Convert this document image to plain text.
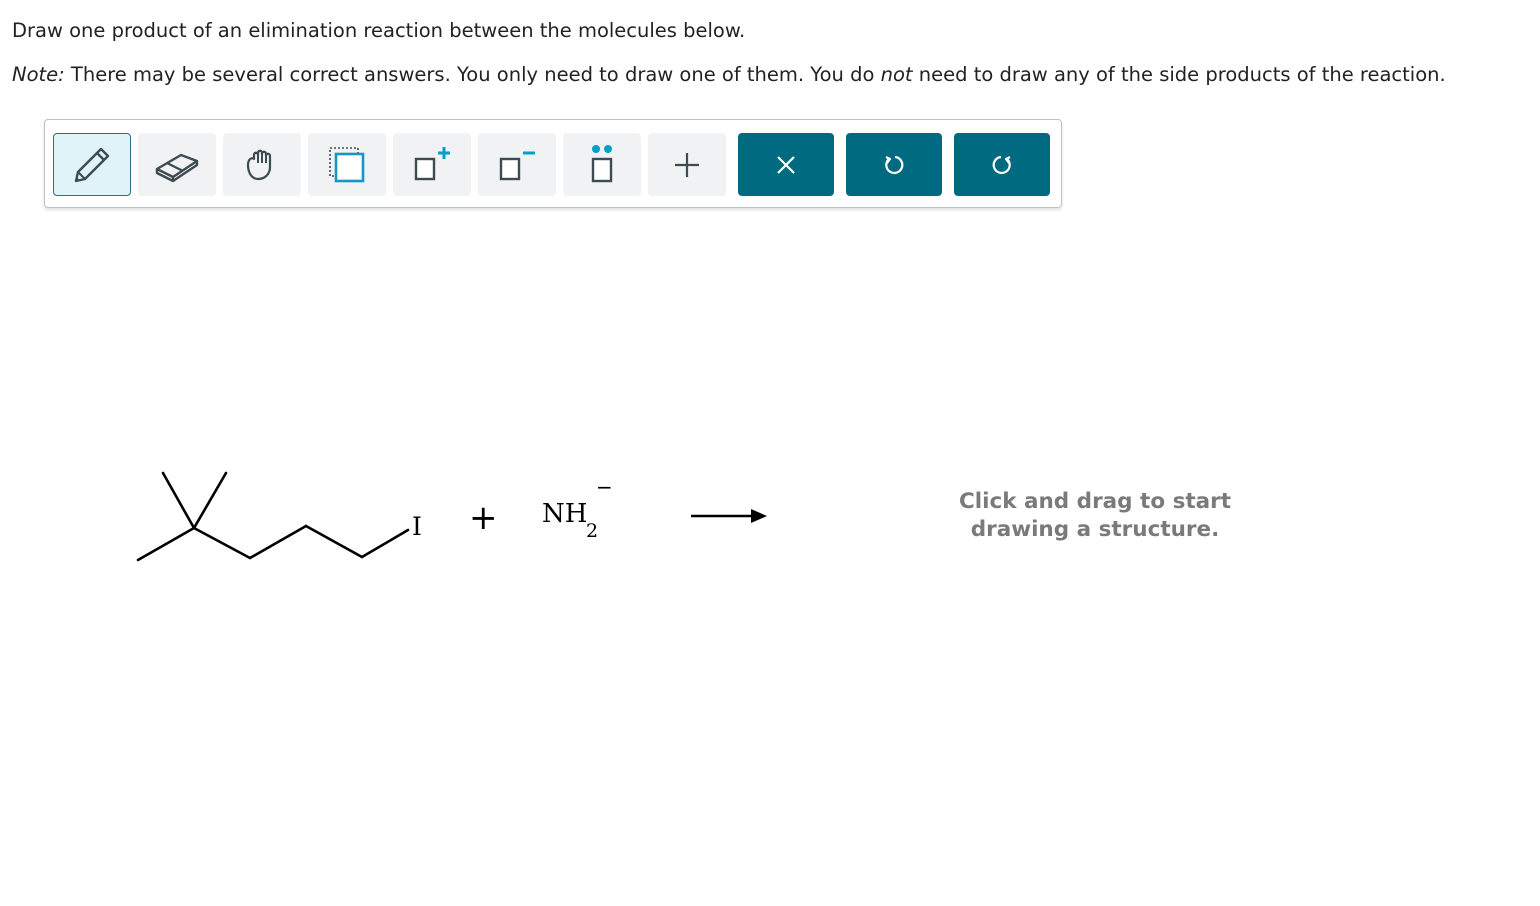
Draw one product of an elimination reaction between the molecules below.
Note: There may be several correct answers. You only need to draw one of them. You do not need to draw any of the side products of the reaction.
I + NH
2
−
Click and drag to start
drawing a structure.
